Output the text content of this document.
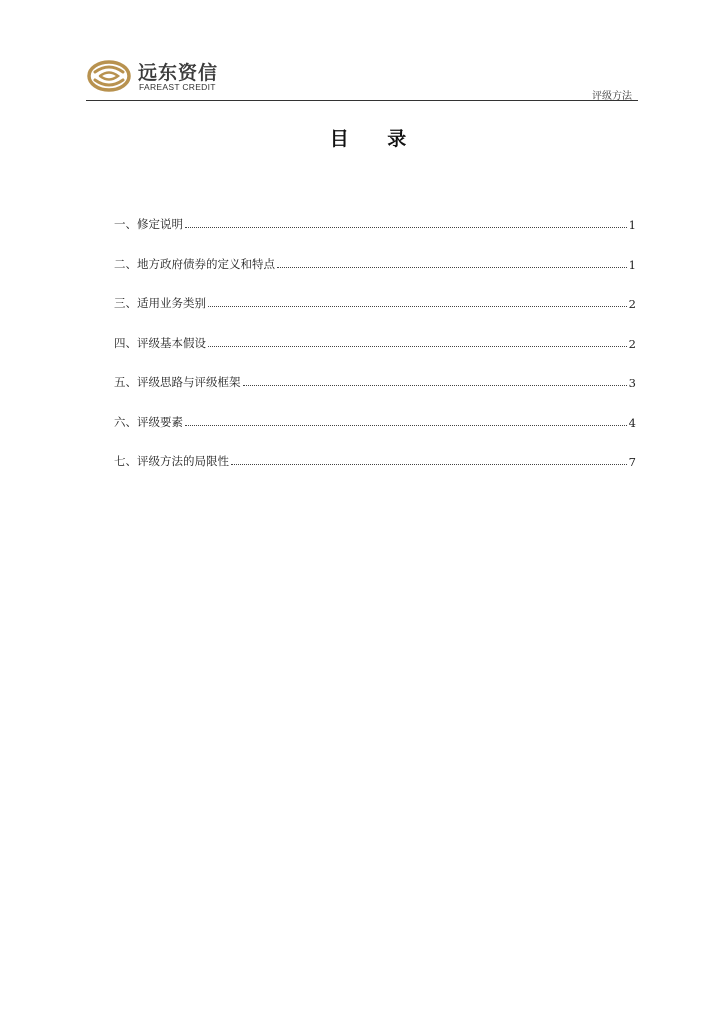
远东资信
FAREAST CREDIT
评级方法
目 录
一、修定说明	1
二、地方政府债券的定义和特点	1
三、适用业务类别	2
四、评级基本假设	2
五、评级思路与评级框架	3
六、评级要素	4
七、评级方法的局限性	7
